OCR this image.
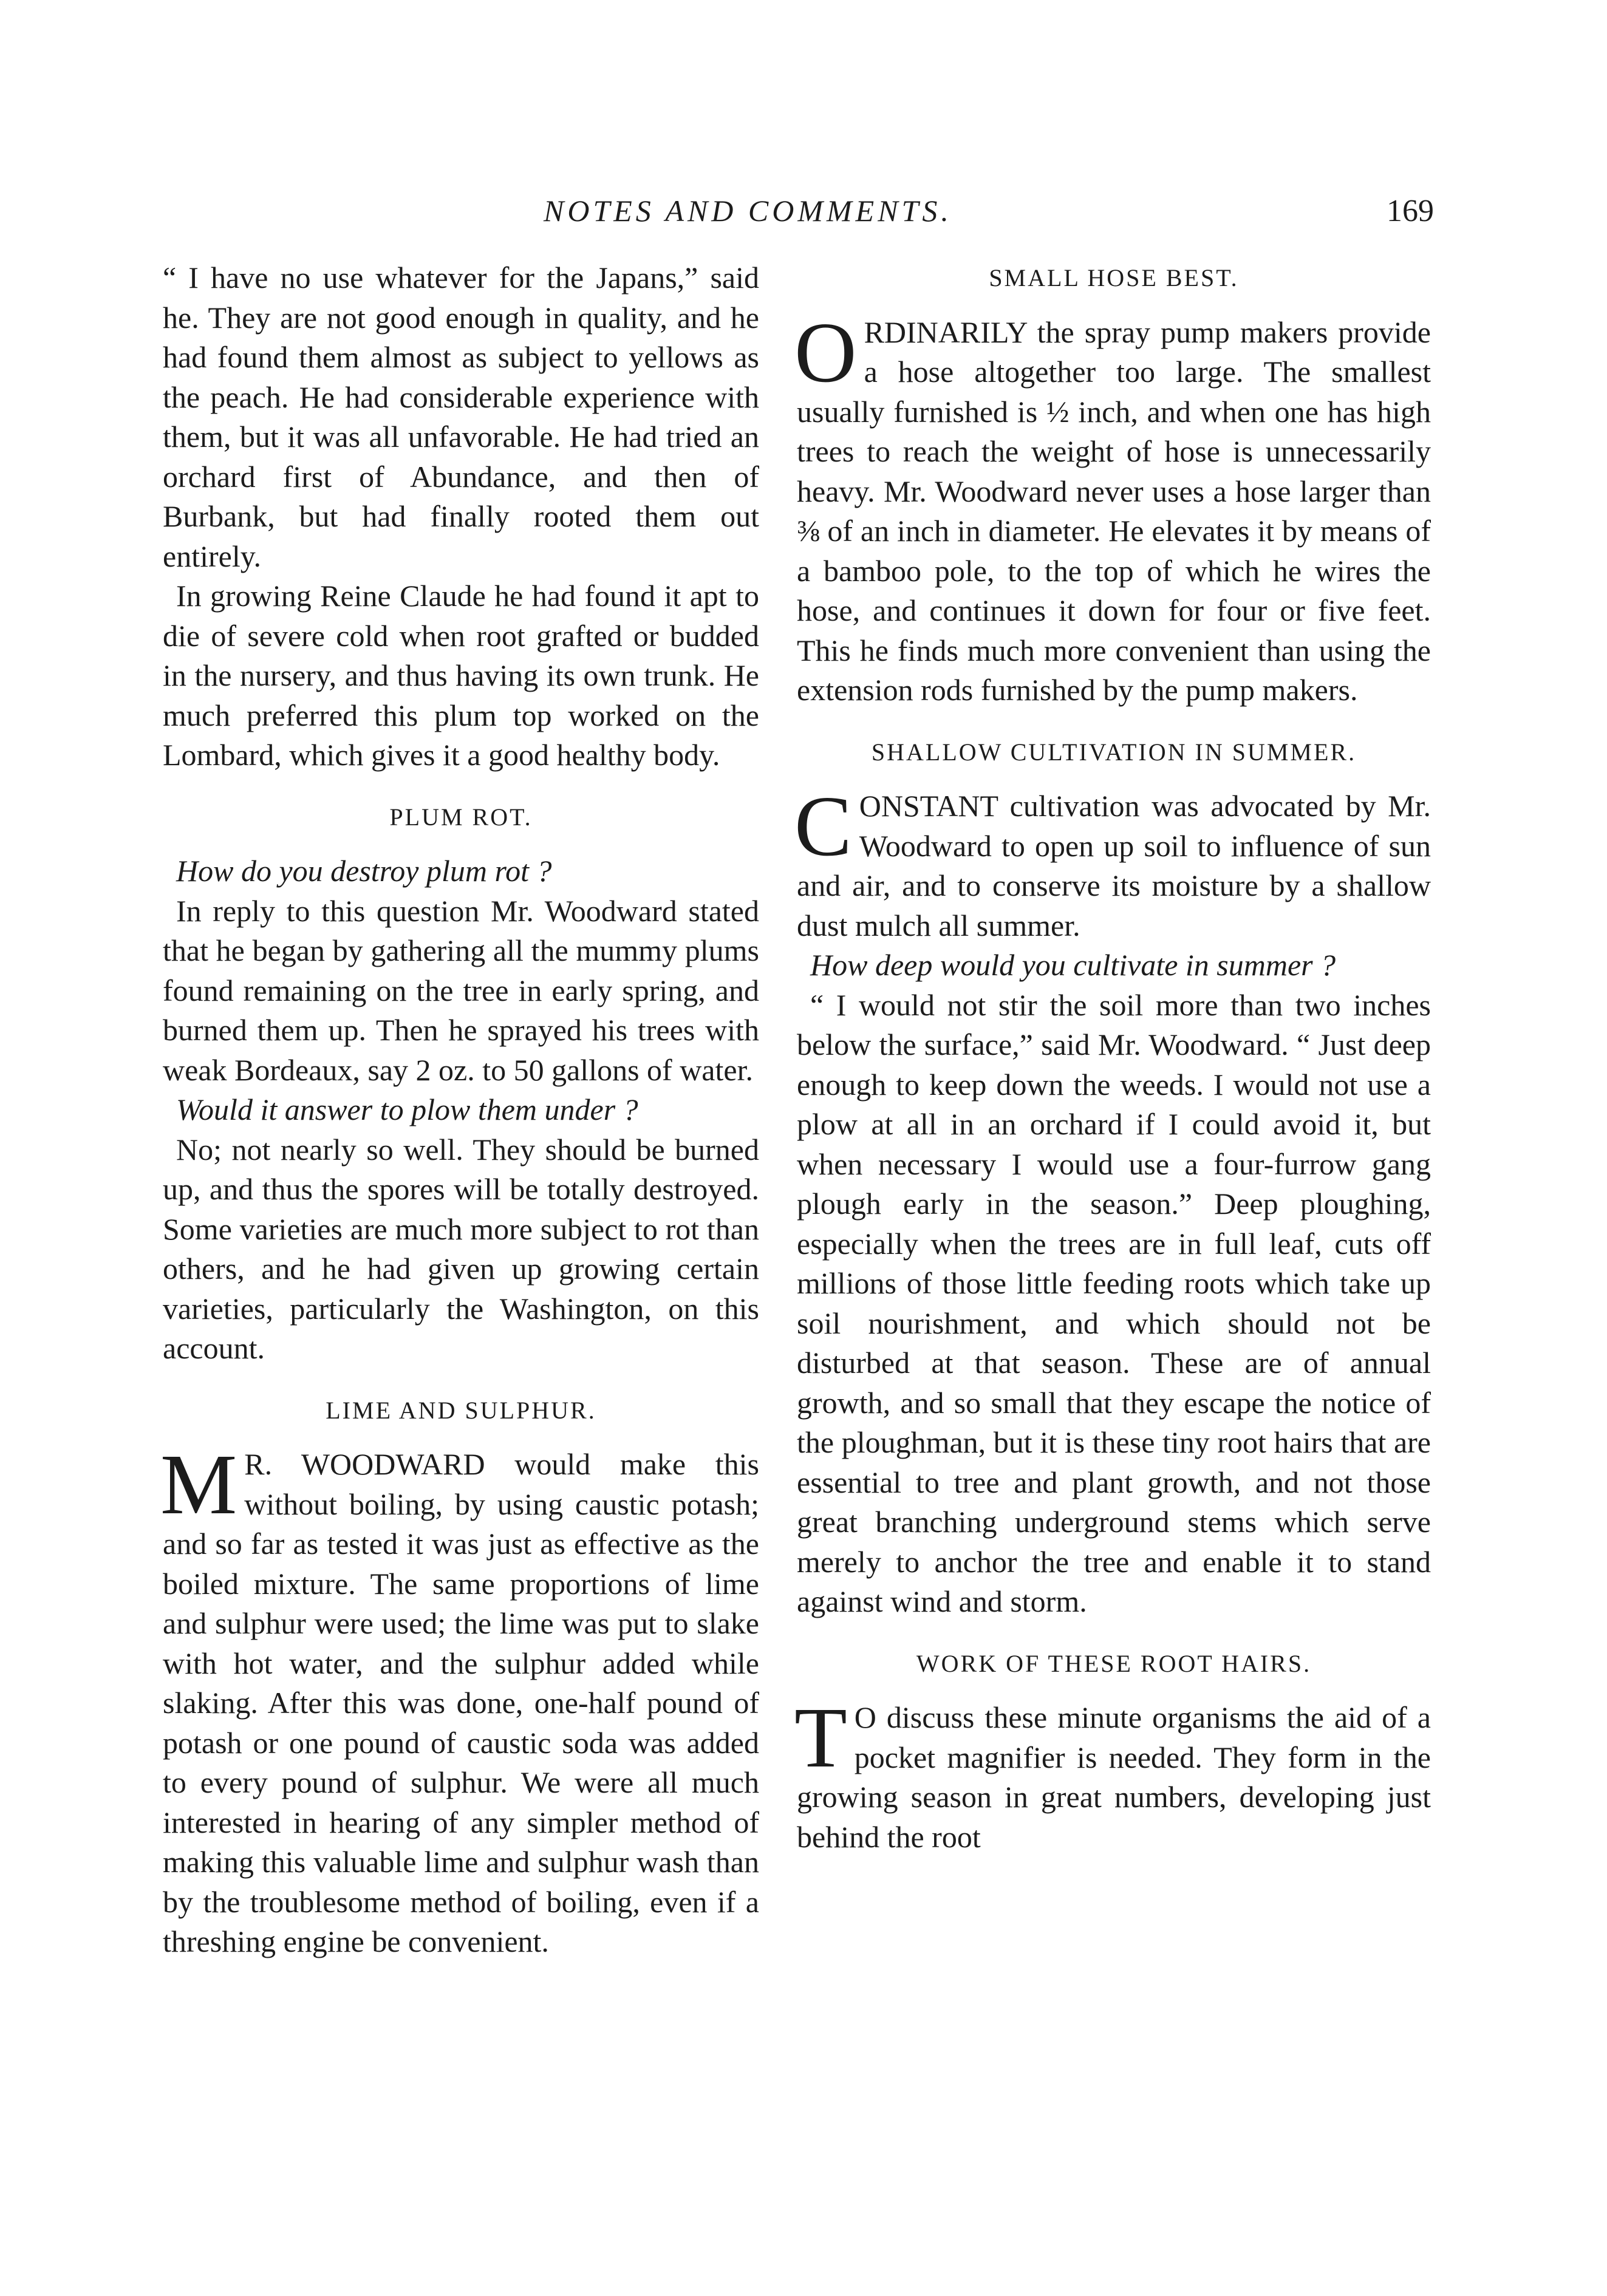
NOTES AND COMMENTS.	169

“ I have no use whatever for the Japans,” said he. They are not good enough in quality, and he had found them almost as subject to yellows as the peach. He had considerable experience with them, but it was all unfavorable. He had tried an orchard first of Abundance, and then of Burbank, but had finally rooted them out entirely.

In growing Reine Claude he had found it apt to die of severe cold when root grafted or budded in the nursery, and thus having its own trunk. He much preferred this plum top worked on the Lombard, which gives it a good healthy body.

PLUM ROT.

How do you destroy plum rot ?

In reply to this question Mr. Woodward stated that he began by gathering all the mummy plums found remaining on the tree in early spring, and burned them up. Then he sprayed his trees with weak Bordeaux, say 2 oz. to 50 gallons of water.

Would it answer to plow them under ?

No; not nearly so well. They should be burned up, and thus the spores will be totally destroyed. Some varieties are much more subject to rot than others, and he had given up growing certain varieties, particularly the Washington, on this account.

LIME AND SULPHUR.

M R. WOODWARD would make this without boiling, by using caustic potash; and so far as tested it was just as effective as the boiled mixture. The same proportions of lime and sulphur were used; the lime was put to slake with hot water, and the sulphur added while slaking. After this was done, one-half pound of potash or one pound of caustic soda was added to every pound of sulphur. We were all much interested in hearing of any simpler method of making this valuable lime and sulphur wash than by the troublesome method of boiling, even if a threshing engine be convenient.

SMALL HOSE BEST.

ORDINARILY the spray pump makers provide a hose altogether too large. The smallest usually furnished is ½ inch, and when one has high trees to reach the weight of hose is unnecessarily heavy. Mr. Woodward never uses a hose larger than ⅜ of an inch in diameter. He elevates it by means of a bamboo pole, to the top of which he wires the hose, and continues it down for four or five feet. This he finds much more convenient than using the extension rods furnished by the pump makers.

SHALLOW CULTIVATION IN SUMMER.

CONSTANT cultivation was advocated by Mr. Woodward to open up soil to influence of sun and air, and to conserve its moisture by a shallow dust mulch all summer.

How deep would you cultivate in summer ?

“ I would not stir the soil more than two inches below the surface,” said Mr. Woodward. “ Just deep enough to keep down the weeds. I would not use a plow at all in an orchard if I could avoid it, but when necessary I would use a four-furrow gang plough early in the season.” Deep ploughing, especially when the trees are in full leaf, cuts off millions of those little feeding roots which take up soil nourishment, and which should not be disturbed at that season. These are of annual growth, and so small that they escape the notice of the ploughman, but it is these tiny root hairs that are essential to tree and plant growth, and not those great branching underground stems which serve merely to anchor the tree and enable it to stand against wind and storm.

WORK OF THESE ROOT HAIRS.

T O discuss these minute organisms the aid of a pocket magnifier is needed. They form in the growing season in great numbers, developing just behind the root
